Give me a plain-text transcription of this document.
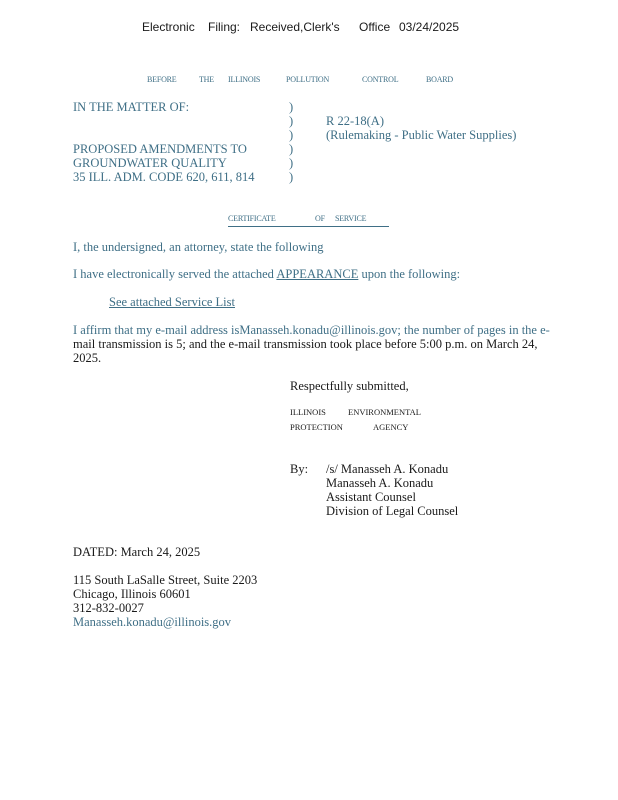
Electronic Filing: Received,Clerk's Office 03/24/2025
BEFORE	THE ILLINOIS	POLLUTION	CONTROL	BOARD
IN THE MATTER OF:	)
)	R 22-18(A)
)	(Rulemaking - Public Water Supplies)
PROPOSED AMENDMENTS TO	)
GROUNDWATER QUALITY	)
35 ILL. ADM. CODE 620, 611, 814	)
CERTIFICATE	OF SERVICE
I, the undersigned, an attorney, state the following
I have electronically served the attached APPEARANCE upon the following:
See attached Service List
I affirm that my e-mail address isManasseh.konadu@illinois.gov; the number of pages in the e-
mail transmission is 5; and the e-mail transmission took place before 5:00 p.m. on March 24,
2025.
Respectfully submitted,
ILLINOIS	ENVIRONMENTAL
PROTECTION	AGENCY
By: /s/ Manasseh A. Konadu
Manasseh A. Konadu
Assistant Counsel
Division of Legal Counsel
DATED: March 24, 2025
115 South LaSalle Street, Suite 2203
Chicago, Illinois 60601
312-832-0027
Manasseh.konadu@illinois.gov
